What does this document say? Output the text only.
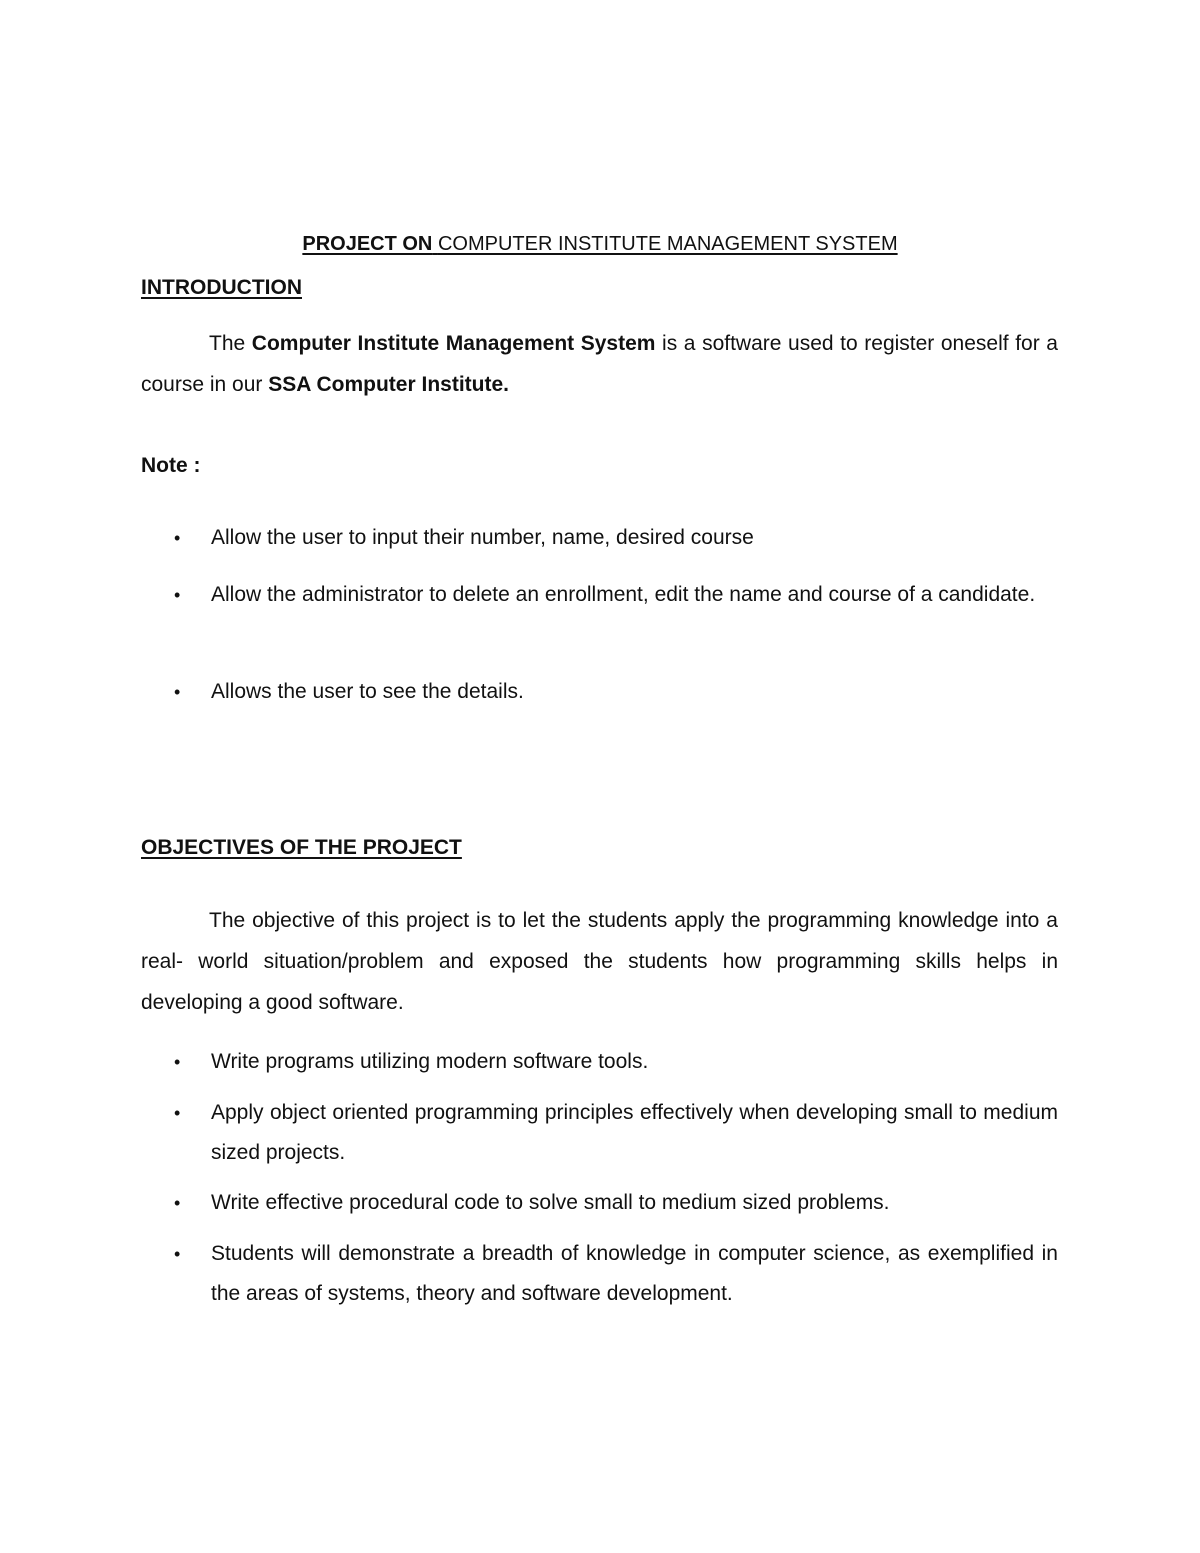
PROJECT ON COMPUTER INSTITUTE MANAGEMENT SYSTEM
INTRODUCTION

The Computer Institute Management System is a software used to register oneself for a course in our SSA Computer Institute.

Note :

• Allow the user to input their number, name, desired course
• Allow the administrator to delete an enrollment, edit the name and course of a candidate.
• Allows the user to see the details.
OBJECTIVES OF THE PROJECT

The objective of this project is to let the students apply the programming knowledge into a real- world situation/problem and exposed the students how programming skills helps in developing a good software.

• Write programs utilizing modern software tools.
• Apply object oriented programming principles effectively when developing small to medium sized projects.
• Write effective procedural code to solve small to medium sized problems.
• Students will demonstrate a breadth of knowledge in computer science, as exemplified in the areas of systems, theory and software development.
